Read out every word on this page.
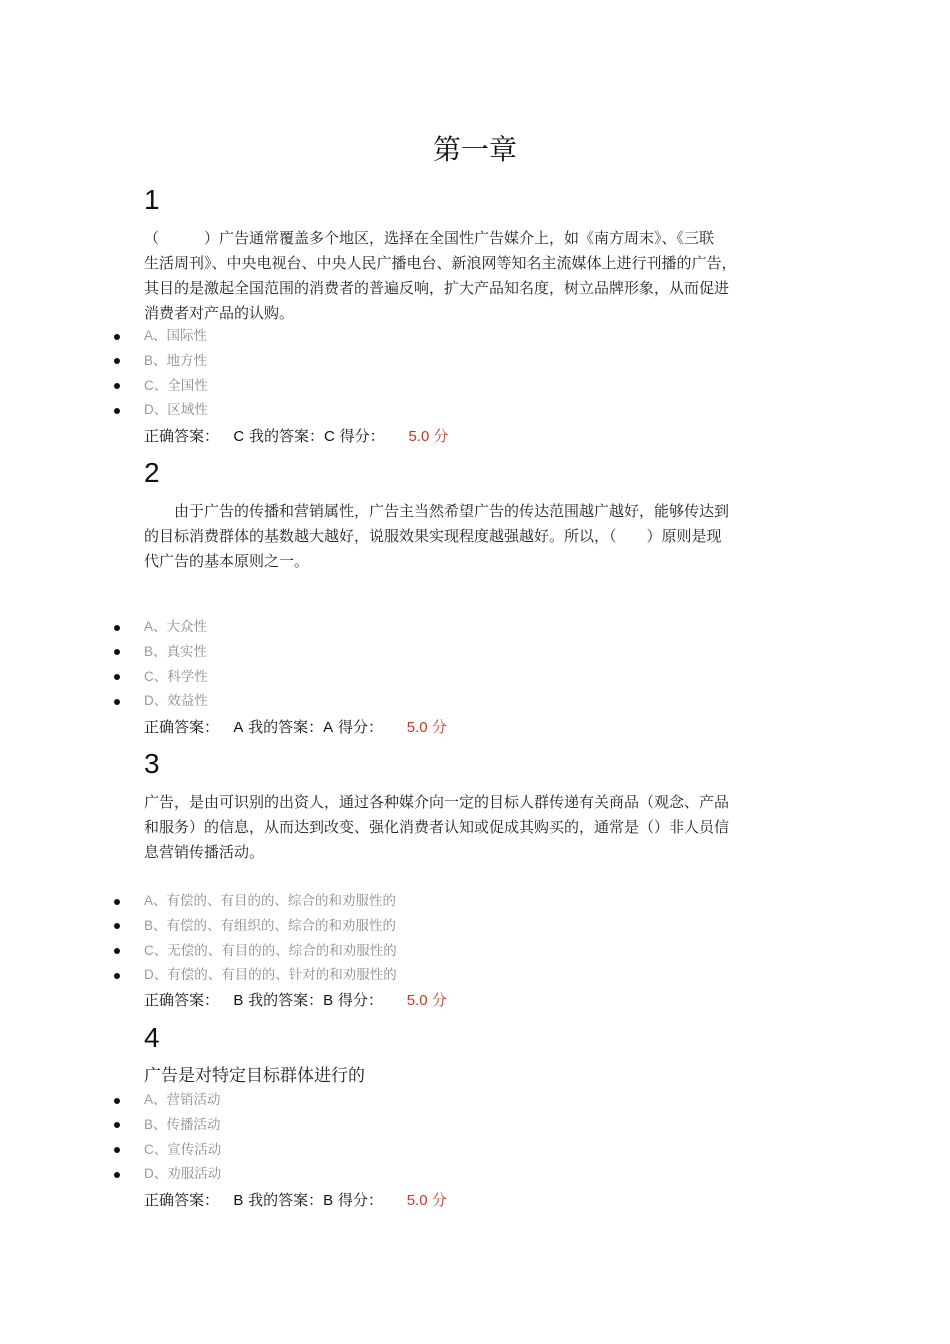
第一章
1
（　　　）广告通常覆盖多个地区，选择在全国性广告媒介上，如《南方周末》、《三联
生活周刊》、中央电视台、中央人民广播电台、新浪网等知名主流媒体上进行刊播的广告，
其目的是激起全国范围的消费者的普遍反响，扩大产品知名度，树立品牌形象，从而促进
消费者对产品的认购。
A、国际性
B、地方性
C、全国性
D、区域性
正确答案： C 我的答案：C 得分： 5.0 分
2
　　由于广告的传播和营销属性，广告主当然希望广告的传达范围越广越好，能够传达到
的目标消费群体的基数越大越好，说服效果实现程度越强越好。所以，（　　）原则是现
代广告的基本原则之一。
A、大众性
B、真实性
C、科学性
D、效益性
正确答案： A 我的答案：A 得分： 5.0 分
3
广告，是由可识别的出资人，通过各种媒介向一定的目标人群传递有关商品（观念、产品
和服务）的信息，从而达到改变、强化消费者认知或促成其购买的，通常是（）非人员信
息营销传播活动。
A、有偿的、有目的的、综合的和劝服性的
B、有偿的、有组织的、综合的和劝服性的
C、无偿的、有目的的、综合的和劝服性的
D、有偿的、有目的的、针对的和劝服性的
正确答案： B 我的答案：B 得分： 5.0 分
4
广告是对特定目标群体进行的
A、营销活动
B、传播活动
C、宣传活动
D、劝服活动
正确答案： B 我的答案：B 得分： 5.0 分
